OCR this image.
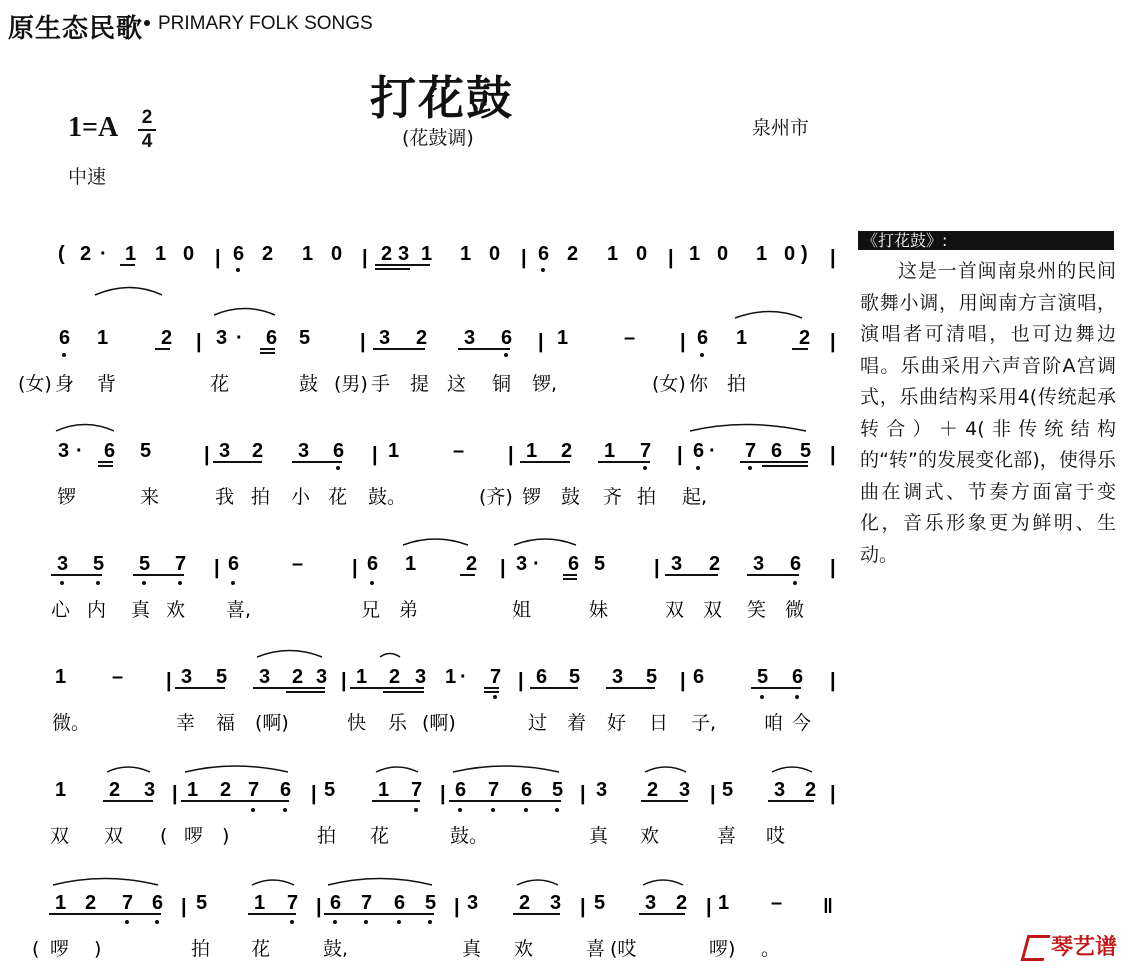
原生态民歌 PRIMARY FOLK SONGS
打花鼓
(花鼓调)	泉州市
1=A 2
4
中速
( 2 · 1 1 0 | 6 2 1 0 | 2 3 1 1 0 | 6 2 1 0 | 1 0 1 0 ) |
6 1	2 | 3 · 6 5 | 3 2 3 6 | 1	– | 6 1	2 |
(女) 身 背	花	鼓 (男) 手 提 这 铜 锣,	(女) 你 拍
3 · 6 5	| 3 2 3 6 | 1	– | 1 2 1 7 | 6 · 7 6 5 |
锣	来	我 拍 小 花 鼓。	(齐) 锣 鼓 齐 拍 起,
3 5 5 7 | 6	– | 6 1 2 | 3 · 6 5 | 3 2 3 6 |
心 内 真 欢 喜,	兄 弟	姐	妹	双 双 笑 微
1 – | 3 5 3 2 3 | 1 2 3 1 · 7 | 6 5 3 5 | 6	5 6 |
微。	幸 福 (啊)	快 乐 (啊)	过 着 好 日 子,	咱 今
1 2 3 | 1 2 7 6 | 5 1 7 | 6 7 6 5 | 3 2 3 | 5 3 2 |
双 双 ( 啰 )	拍 花	鼓。	真 欢	喜 哎
1 2 7 6 | 5 1 7 | 6 7 6 5 | 3 2 3 | 5 3 2 | 1 – ‖
( 啰 )	拍 花	鼓,	真 欢	喜 (哎	啰) 。
《打花鼓》:

这是一首闽南泉州的民间歌舞小调，用闽南方言演唱，演唱者可清唱，也可边舞边唱。乐曲采用六声音阶A宫调式，乐曲结构采用4(传统起承转合）＋4(非传统结构的“转”的发展变化部)，使得乐曲在调式、节奏方面富于变化，音乐形象更为鲜明、生动。

琴艺谱
